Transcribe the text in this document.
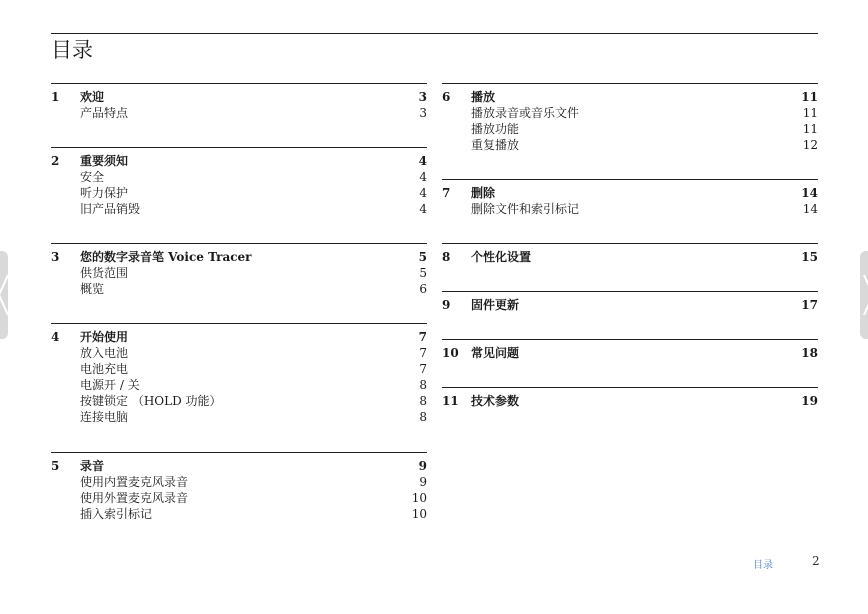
目录
1 欢迎	3
产品特点	3
2 重要须知	4
安全	4
听力保护	4
旧产品销毁	4
3 您的数字录音笔 Voice Tracer	5
供货范围	5
概览	6
4 开始使用	7
放入电池	7
电池充电	7
电源开 / 关	8
按键锁定 （HOLD 功能）	8
连接电脑	8
5 录音	9
使用内置麦克风录音	9
使用外置麦克风录音	10
插入索引标记	10
6 播放	11
播放录音或音乐文件	11
播放功能	11
重复播放	12
7 删除	14
删除文件和索引标记	14
8 个性化设置	15
9 固件更新	17
10 常见问题	18
11 技术参数	19
目录	2
